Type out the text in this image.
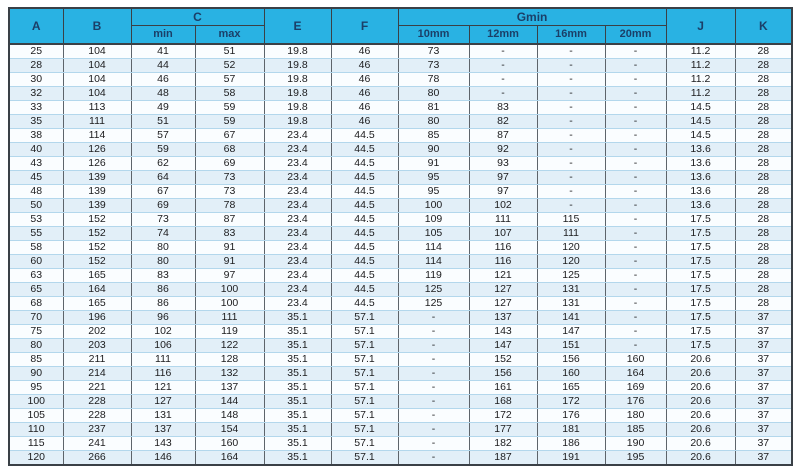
A	B	C		E	F	Gmin				J	K
		min	max			10mm	12mm	16mm	20mm		
25	104	41	51	19.8	46	73	-	-	-	11.2	28
28	104	44	52	19.8	46	73	-	-	-	11.2	28
30	104	46	57	19.8	46	78	-	-	-	11.2	28
32	104	48	58	19.8	46	80	-	-	-	11.2	28
33	113	49	59	19.8	46	81	83	-	-	14.5	28
35	111	51	59	19.8	46	80	82	-	-	14.5	28
38	114	57	67	23.4	44.5	85	87	-	-	14.5	28
40	126	59	68	23.4	44.5	90	92	-	-	13.6	28
43	126	62	69	23.4	44.5	91	93	-	-	13.6	28
45	139	64	73	23.4	44.5	95	97	-	-	13.6	28
48	139	67	73	23.4	44.5	95	97	-	-	13.6	28
50	139	69	78	23.4	44.5	100	102	-	-	13.6	28
53	152	73	87	23.4	44.5	109	111	115	-	17.5	28
55	152	74	83	23.4	44.5	105	107	111	-	17.5	28
58	152	80	91	23.4	44.5	114	116	120	-	17.5	28
60	152	80	91	23.4	44.5	114	116	120	-	17.5	28
63	165	83	97	23.4	44.5	119	121	125	-	17.5	28
65	164	86	100	23.4	44.5	125	127	131	-	17.5	28
68	165	86	100	23.4	44.5	125	127	131	-	17.5	28
70	196	96	111	35.1	57.1	-	137	141	-	17.5	37
75	202	102	119	35.1	57.1	-	143	147	-	17.5	37
80	203	106	122	35.1	57.1	-	147	151	-	17.5	37
85	211	111	128	35.1	57.1	-	152	156	160	20.6	37
90	214	116	132	35.1	57.1	-	156	160	164	20.6	37
95	221	121	137	35.1	57.1	-	161	165	169	20.6	37
100	228	127	144	35.1	57.1	-	168	172	176	20.6	37
105	228	131	148	35.1	57.1	-	172	176	180	20.6	37
110	237	137	154	35.1	57.1	-	177	181	185	20.6	37
115	241	143	160	35.1	57.1	-	182	186	190	20.6	37
120	266	146	164	35.1	57.1	-	187	191	195	20.6	37
